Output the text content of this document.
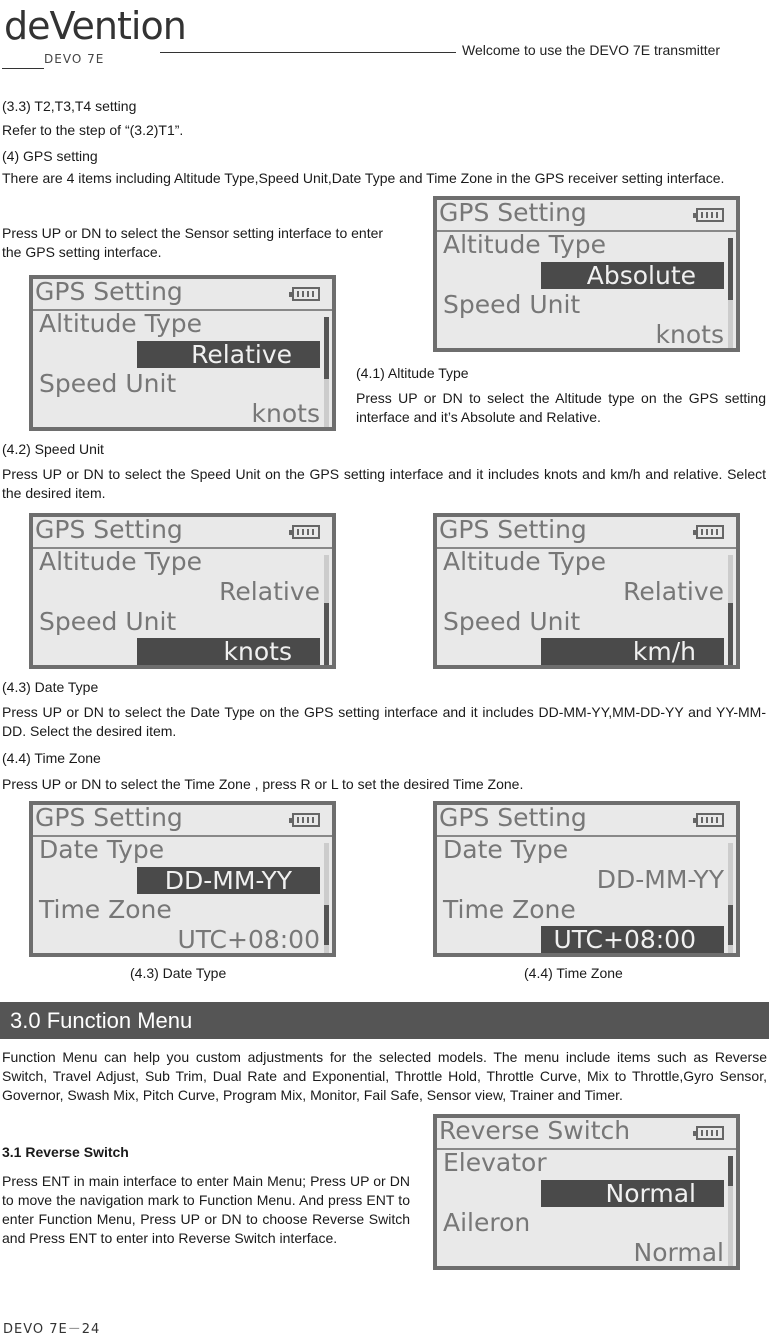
deVention
DEVO 7E
Welcome to use the DEVO 7E transmitter
(3.3) T2,T3,T4 setting
Refer to the step of “(3.2)T1”.
(4) GPS setting
There are 4 items including Altitude Type,Speed Unit,Date Type and Time Zone in the GPS receiver setting interface.
Press UP or DN to select the Sensor setting interface to enter the GPS setting interface.
GPS Setting
Altitude Type
Absolute
Speed Unit
knots
GPS Setting
Altitude Type
Relative
Speed Unit
knots
(4.1) Altitude Type
Press UP or DN to select the Altitude type on the GPS setting interface and it’s Absolute and Relative.
(4.2) Speed Unit
Press UP or DN to select the Speed Unit on the GPS setting interface and it includes knots and km/h and relative. Select the desired item.
GPS Setting
Altitude Type
Relative
Speed Unit
knots
GPS Setting
Altitude Type
Relative
Speed Unit
km/h
(4.3) Date Type
Press UP or DN to select the Date Type on the GPS setting interface and it includes DD-MM-YY,MM-DD-YY and YY-MM-DD. Select the desired item.
(4.4) Time Zone
Press UP or DN to select the Time Zone , press R or L to set the desired Time Zone.
GPS Setting
Date Type
DD-MM-YY
Time Zone
UTC+08:00
GPS Setting
Date Type
DD-MM-YY
Time Zone
UTC+08:00
(4.3) Date Type	(4.4) Time Zone
3.0 Function Menu
Function Menu can help you custom adjustments for the selected models. The menu include items such as Reverse Switch, Travel Adjust, Sub Trim, Dual Rate and Exponential, Throttle Hold, Throttle Curve, Mix to Throttle,Gyro Sensor, Governor, Swash Mix, Pitch Curve, Program Mix, Monitor, Fail Safe, Sensor view, Trainer and Timer.
3.1 Reverse Switch
Press ENT in main interface to enter Main Menu; Press UP or DN to move the navigation mark to Function Menu. And press ENT to enter Function Menu, Press UP or DN to choose Reverse Switch and Press ENT to enter into Reverse Switch interface.
Reverse Switch
Elevator
Normal
Aileron
Normal
DEVO 7E－24
